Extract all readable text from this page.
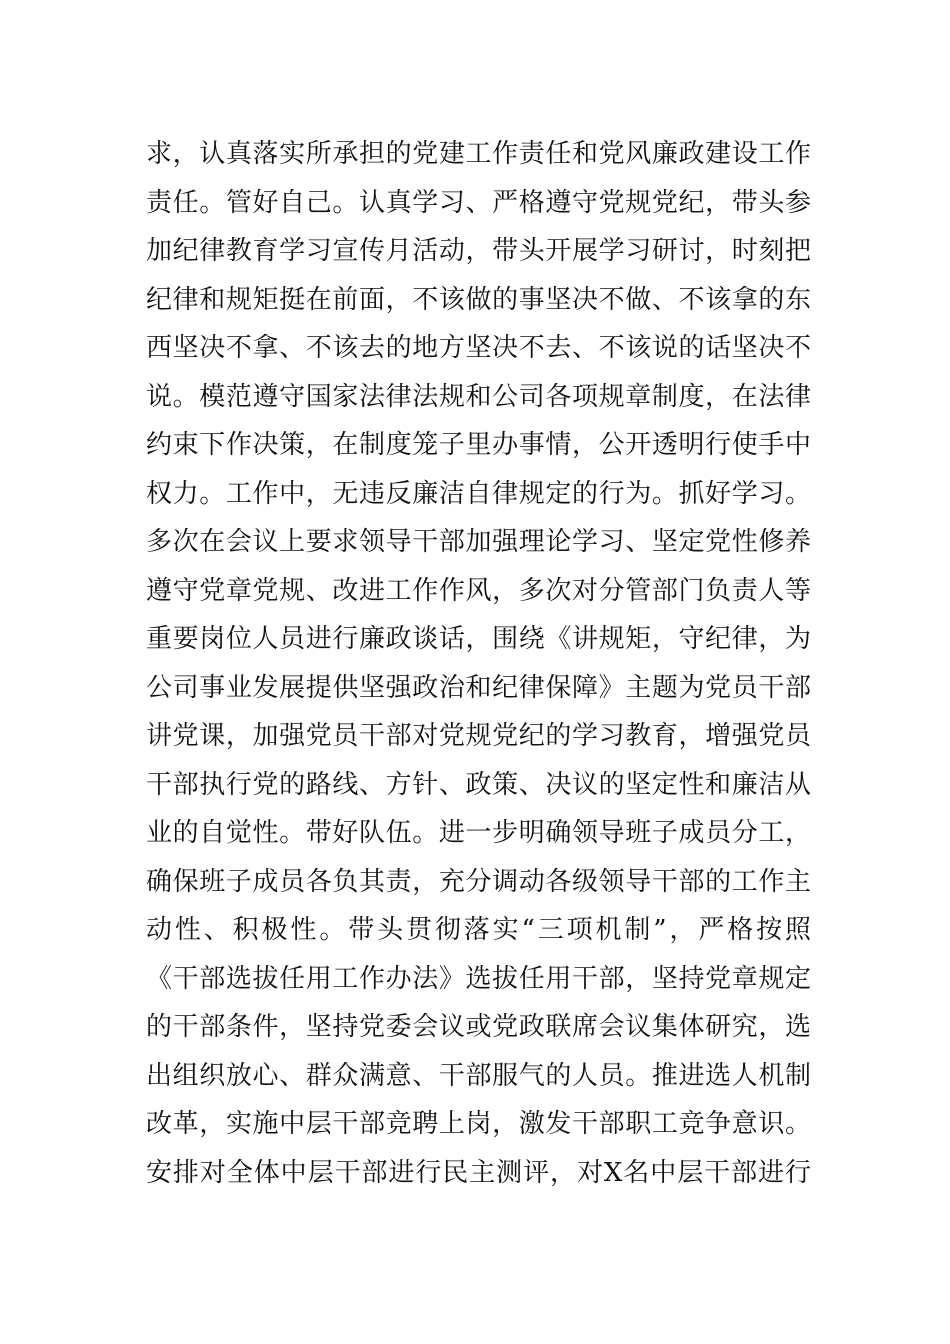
求，认真落实所承担的党建工作责任和党风廉政建设工作
责任。管好自己。认真学习、严格遵守党规党纪，带头参
加纪律教育学习宣传月活动，带头开展学习研讨，时刻把
纪律和规矩挺在前面，不该做的事坚决不做、不该拿的东
西坚决不拿、不该去的地方坚决不去、不该说的话坚决不
说。模范遵守国家法律法规和公司各项规章制度，在法律
约束下作决策，在制度笼子里办事情，公开透明行使手中
权力。工作中，无违反廉洁自律规定的行为。抓好学习。
多次在会议上要求领导干部加强理论学习、坚定党性修养
遵守党章党规、改进工作作风，多次对分管部门负责人等
重要岗位人员进行廉政谈话，围绕《讲规矩，守纪律，为
公司事业发展提供坚强政治和纪律保障》主题为党员干部
讲党课，加强党员干部对党规党纪的学习教育，增强党员
干部执行党的路线、方针、政策、决议的坚定性和廉洁从
业的自觉性。带好队伍。进一步明确领导班子成员分工，
确保班子成员各负其责，充分调动各级领导干部的工作主
动性、积极性。带头贯彻落实“三项机制”，严格按照
《干部选拔任用工作办法》选拔任用干部，坚持党章规定
的干部条件，坚持党委会议或党政联席会议集体研究，选
出组织放心、群众满意、干部服气的人员。推进选人机制
改革，实施中层干部竞聘上岗，激发干部职工竞争意识。
安排对全体中层干部进行民主测评，对X名中层干部进行
